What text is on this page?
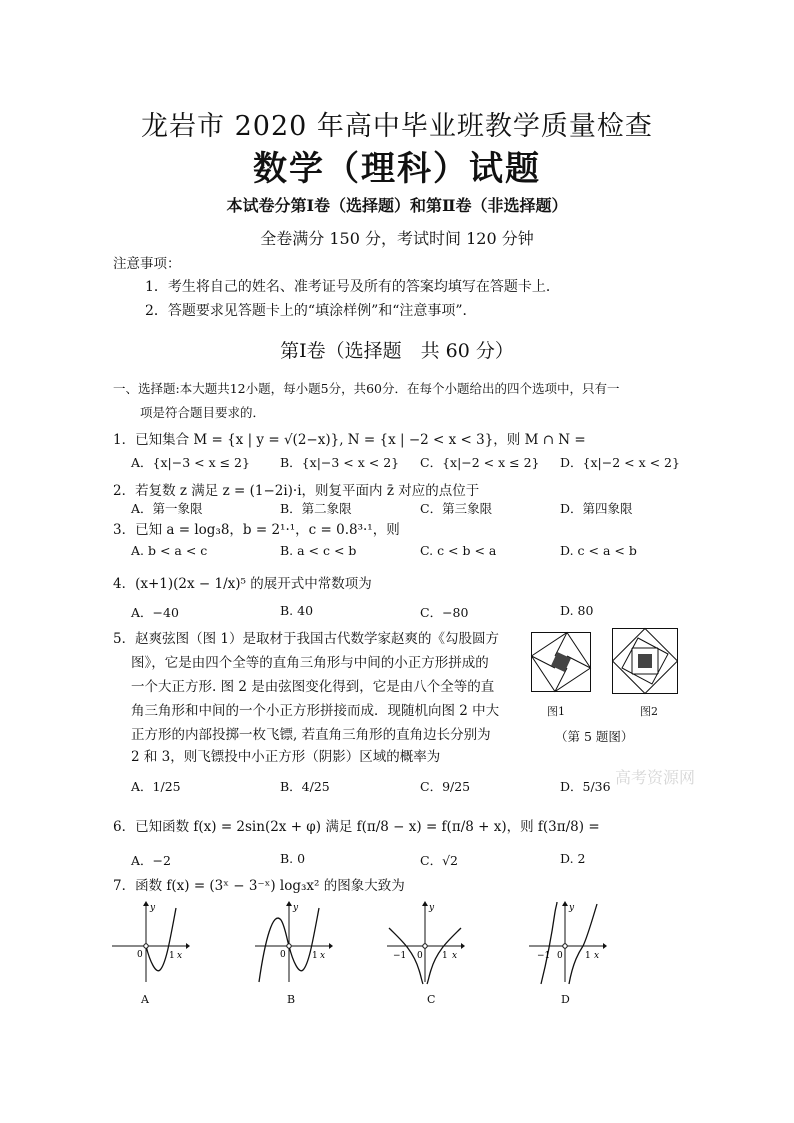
龙岩市 2020 年高中毕业班教学质量检查
数学（理科）试题
本试卷分第Ⅰ卷（选择题）和第Ⅱ卷（非选择题）
全卷满分 150 分，考试时间 120 分钟
注意事项：
1．考生将自己的姓名、准考证号及所有的答案均填写在答题卡上．
2．答题要求见答题卡上的“填涂样例”和“注意事项”．
第Ⅰ卷（选择题　共 60 分）
一、选择题:本大题共12小题，每小题5分，共60分．在每个小题给出的四个选项中，只有一
项是符合题目要求的．
1．已知集合 M = {x | y = √(2−x)}, N = {x | −2 < x < 3}，则 M ∩ N =
A．{x|−3 < x ≤ 2} B．{x|−3 < x < 2} C．{x|−2 < x ≤ 2} D．{x|−2 < x < 2}
2．若复数 z 满足 z = (1−2i)·i，则复平面内 z̄ 对应的点位于
A．第一象限	B．第二象限	C．第三象限	D．第四象限
3．已知 a = log₃8，b = 2¹·¹，c = 0.8³·¹，则
A. b < a < c	B. a < c < b	C. c < b < a	D. c < a < b
4．(x+1)(2x − 1/x)⁵ 的展开式中常数项为
A．−40	B. 40	C．−80	D. 80
5．赵爽弦图（图 1）是取材于我国古代数学家赵爽的《勾股圆方
图》，它是由四个全等的直角三角形与中间的小正方形拼成的
一个大正方形. 图 2 是由弦图变化得到，它是由八个全等的直
角三角形和中间的一个小正方形拼接而成．现随机向图 2 中大
正方形的内部投掷一枚飞镖, 若直角三角形的直角边长分别为
2 和 3，则飞镖投中小正方形（阴影）区域的概率为
图1	图2
（第 5 题图）
A．1/25	B．4/25	C．9/25	D．5/36 高考资源网
6．已知函数 f(x) = 2sin(2x + φ) 满足 f(π/8 − x) = f(π/8 + x)，则 f(3π/8) =
A．−2	B. 0	C．√2	D. 2
7．函数 f(x) = (3ˣ − 3⁻ˣ) log₃x² 的图象大致为
y
0	1 x
A
y
0	1 x
B
y
−1 0 1 x
C
y
−1 0 1 x
D
